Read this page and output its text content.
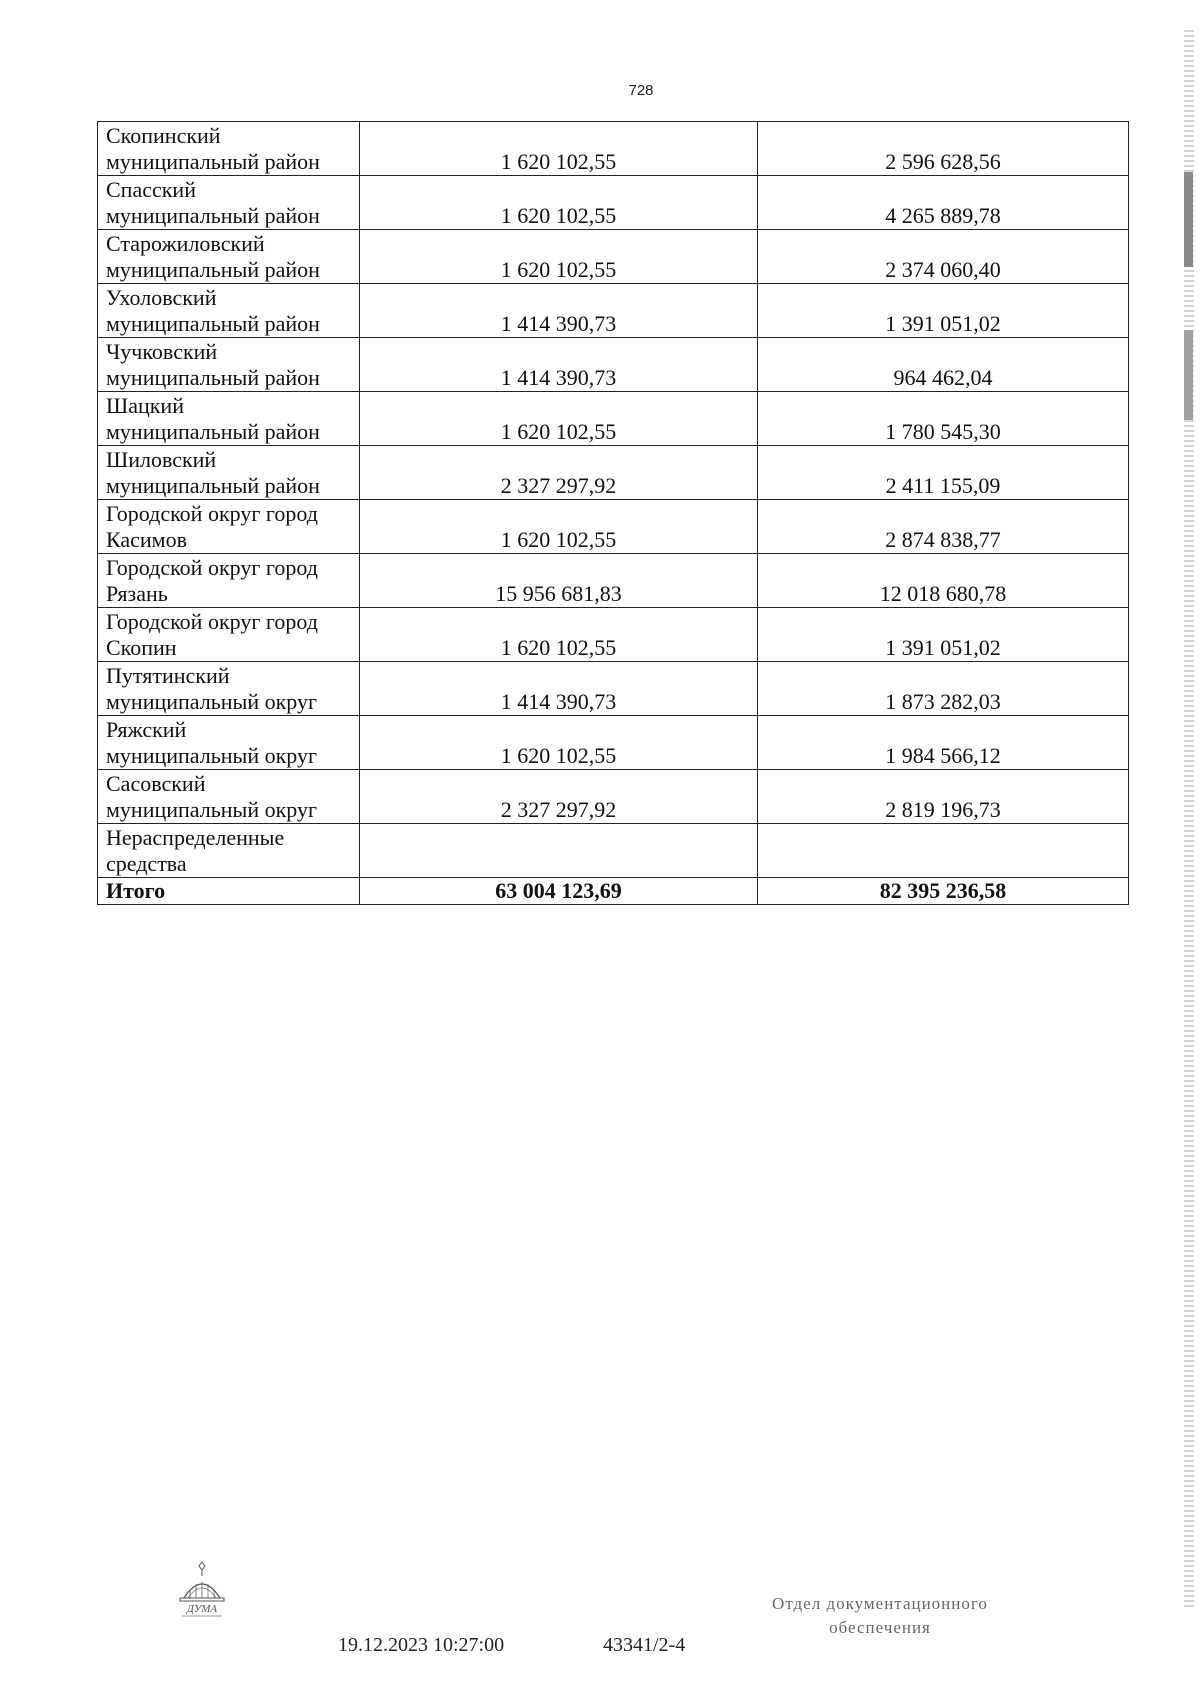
728
Скопинский
муниципальный район	1 620 102,55	2 596 628,56

Спасский
муниципальный район	1 620 102,55	4 265 889,78

Старожиловский
муниципальный район	1 620 102,55	2 374 060,40

Ухоловский
муниципальный район	1 414 390,73	1 391 051,02

Чучковский
муниципальный район	1 414 390,73	964 462,04

Шацкий
муниципальный район	1 620 102,55	1 780 545,30

Шиловский
муниципальный район	2 327 297,92	2 411 155,09

Городской округ город
Касимов	1 620 102,55	2 874 838,77

Городской округ город
Рязань	15 956 681,83	12 018 680,78

Городской округ город
Скопин	1 620 102,55	1 391 051,02

Путятинский
муниципальный округ	1 414 390,73	1 873 282,03

Ряжский
муниципальный округ	1 620 102,55	1 984 566,12

Сасовский
муниципальный округ	2 327 297,92	2 819 196,73

Нераспределенные
средства		

Итого	63 004 123,69	82 395 236,58
ДУМА
19.12.2023 10:27:00	43341/2-4
Отдел документационного
обеспечения
